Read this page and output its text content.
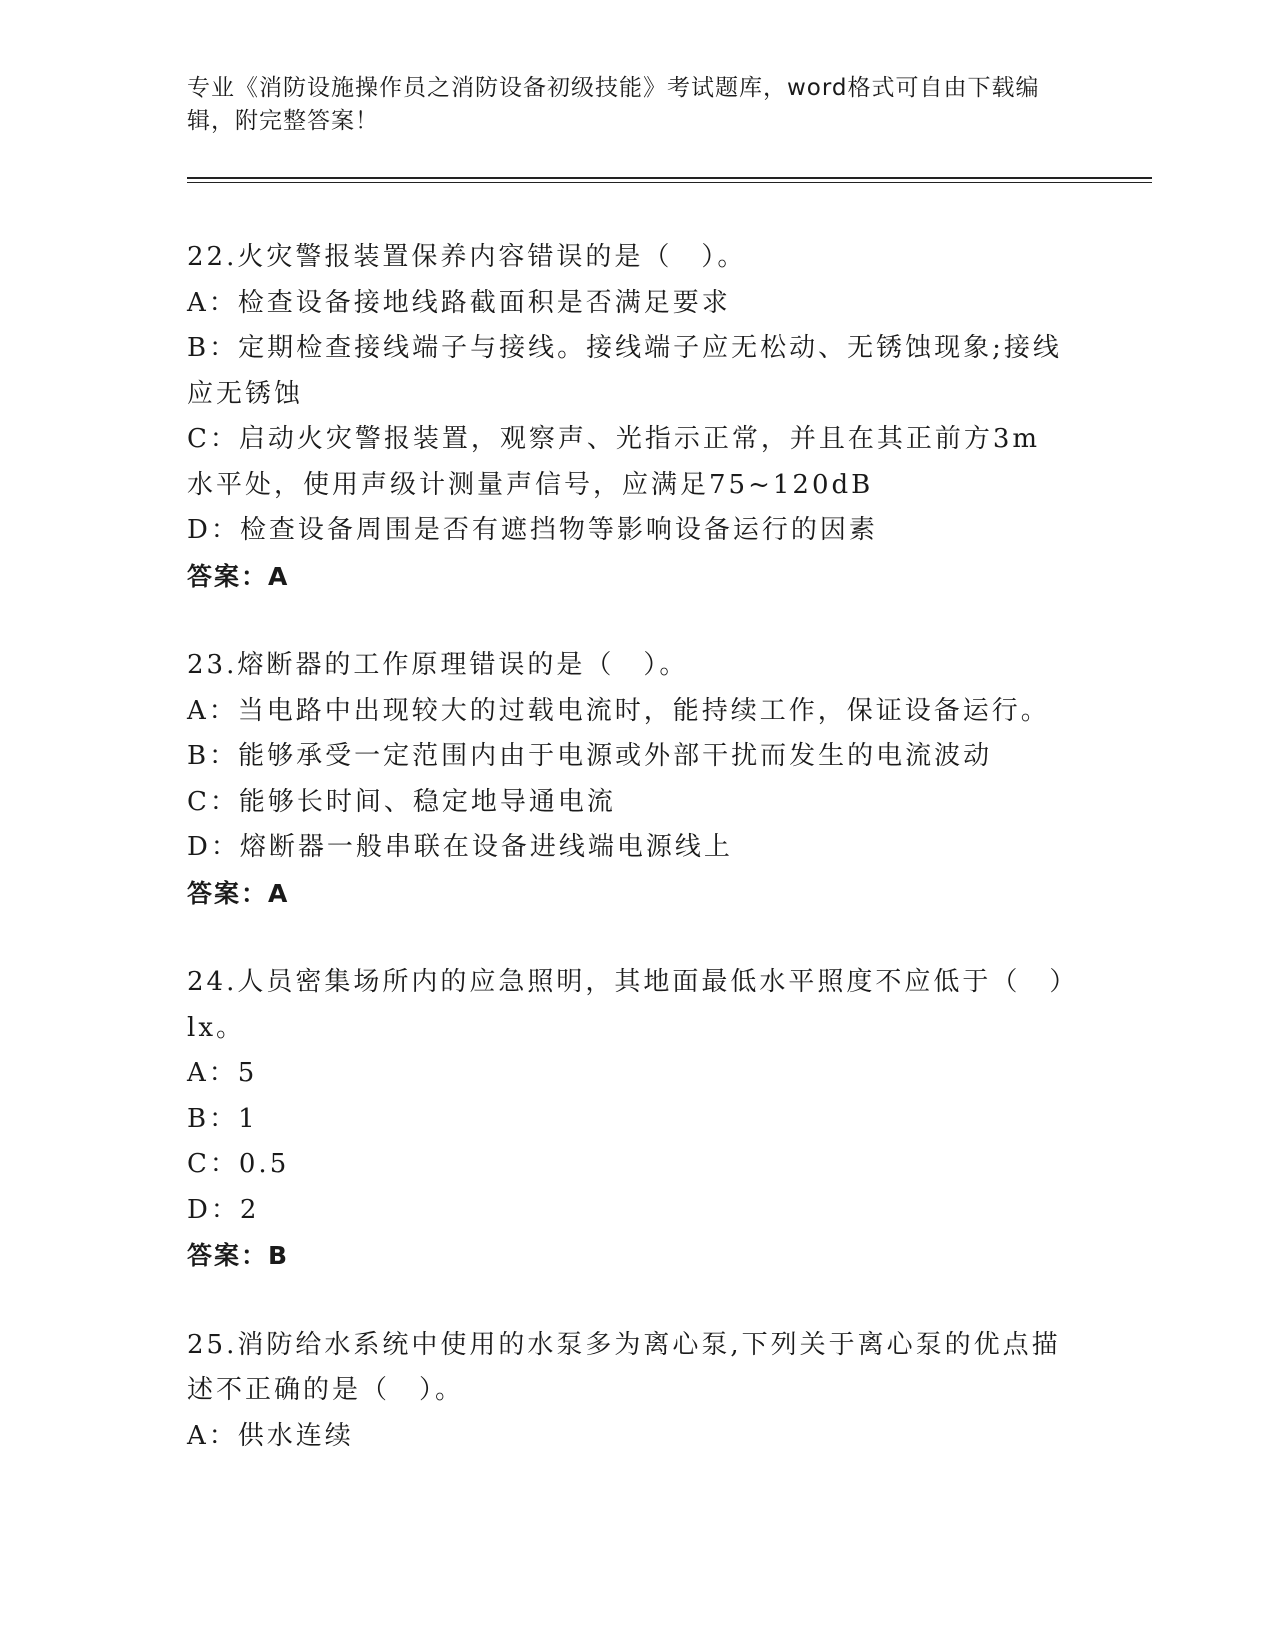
专业《消防设施操作员之消防设备初级技能》考试题库，word格式可自由下载编辑，附完整答案！
22.火灾警报装置保养内容错误的是（　）。
A：检查设备接地线路截面积是否满足要求
B：定期检查接线端子与接线。接线端子应无松动、无锈蚀现象;接线应无锈蚀
C：启动火灾警报装置，观察声、光指示正常，并且在其正前方3m水平处，使用声级计测量声信号，应满足75~120dB
D：检查设备周围是否有遮挡物等影响设备运行的因素
答案：A
23.熔断器的工作原理错误的是（　）。
A：当电路中出现较大的过载电流时，能持续工作，保证设备运行。
B：能够承受一定范围内由于电源或外部干扰而发生的电流波动
C：能够长时间、稳定地导通电流
D：熔断器一般串联在设备进线端电源线上
答案：A
24.人员密集场所内的应急照明，其地面最低水平照度不应低于（　）lx。
A：5
B：1
C：0.5
D：2
答案：B
25.消防给水系统中使用的水泵多为离心泵,下列关于离心泵的优点描述不正确的是（　）。
A：供水连续
